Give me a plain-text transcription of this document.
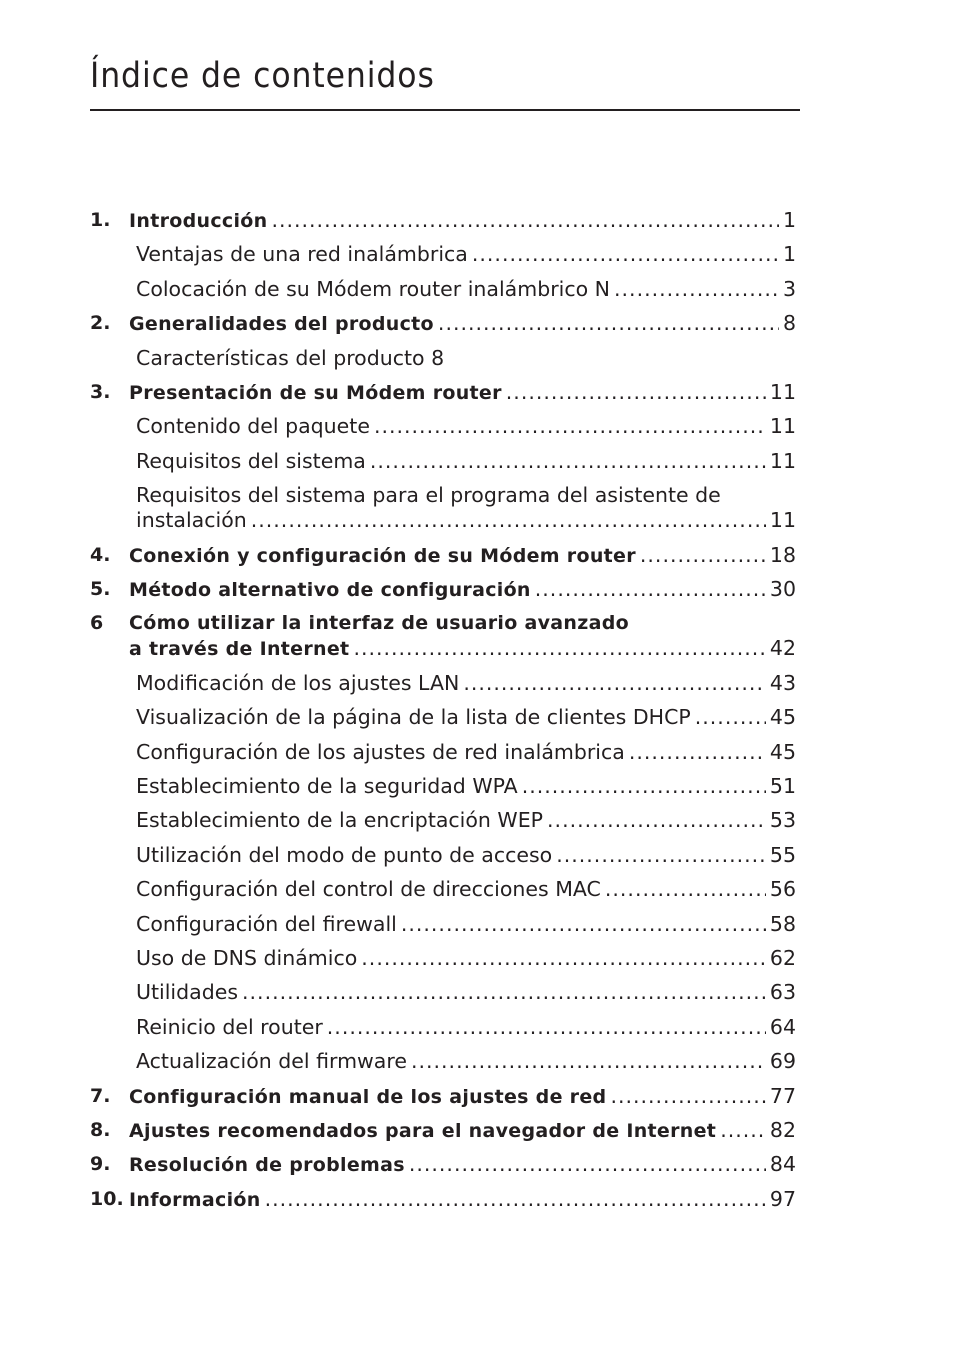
Índice de contenidos
1. Introducción .....	1
Ventajas de una red inalámbrica .....	1
Colocación de su Módem router inalámbrico N .....	3
2. Generalidades del producto .....	8
Características del producto 8
3. Presentación de su Módem router .....	11
Contenido del paquete .....	11
Requisitos del sistema .....	11
Requisitos del sistema para el programa del asistente de
instalación .....	11
4. Conexión y configuración de su Módem router .....	18
5. Método alternativo de configuración .....	30
6 Cómo utilizar la interfaz de usuario avanzado
a través de Internet .....	42
Modificación de los ajustes LAN .....	43
Visualización de la página de la lista de clientes DHCP .....	45
Configuración de los ajustes de red inalámbrica .....	45
Establecimiento de la seguridad WPA .....	51
Establecimiento de la encriptación WEP .....	53
Utilización del modo de punto de acceso .....	55
Configuración del control de direcciones MAC .....	56
Configuración del firewall .....	58
Uso de DNS dinámico .....	62
Utilidades .....	63
Reinicio del router .....	64
Actualización del firmware .....	69
7. Configuración manual de los ajustes de red .....	77
8. Ajustes recomendados para el navegador de Internet .....	82
9. Resolución de problemas .....	84
10. Información .....	97
